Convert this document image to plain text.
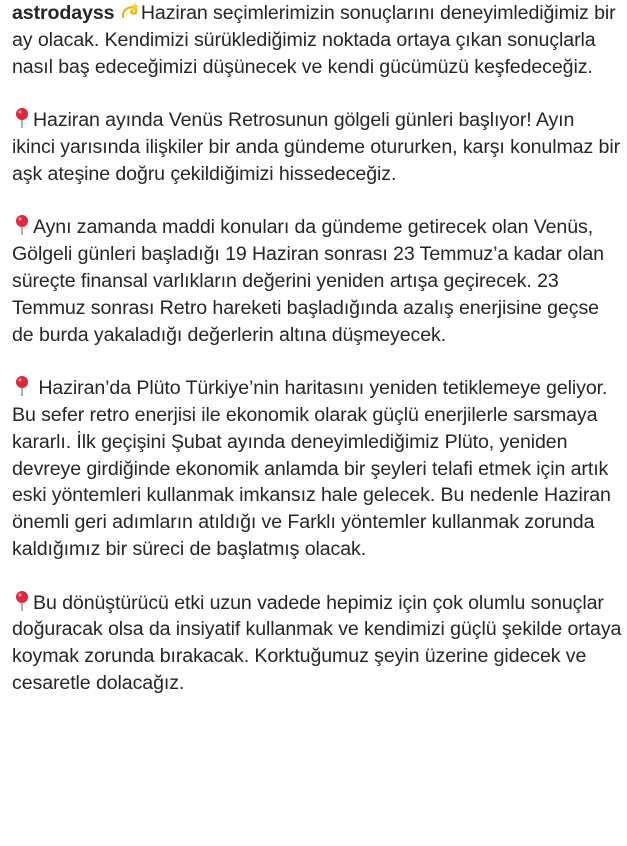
astrodayss Haziran seçimlerimizin sonuçlarını deneyimlediğimiz bir ay olacak. Kendimizi sürüklediğimiz noktada ortaya çıkan sonuçlarla nasıl baş edeceğimizi düşünecek ve kendi gücümüzü keşfedeceğiz.

Haziran ayında Venüs Retrosunun gölgeli günleri başlıyor! Ayın ikinci yarısında ilişkiler bir anda gündeme otururken, karşı konulmaz bir aşk ateşine doğru çekildiğimizi hissedeceğiz.

Aynı zamanda maddi konuları da gündeme getirecek olan Venüs, Gölgeli günleri başladığı 19 Haziran sonrası 23 Temmuz’a kadar olan süreçte finansal varlıkların değerini yeniden artışa geçirecek. 23 Temmuz sonrası Retro hareketi başladığında azalış enerjisine geçse de burda yakaladığı değerlerin altına düşmeyecek.

Haziran’da Plüto Türkiye’nin haritasını yeniden tetiklemeye geliyor. Bu sefer retro enerjisi ile ekonomik olarak güçlü enerjilerle sarsmaya kararlı. İlk geçişini Şubat ayında deneyimlediğimiz Plüto, yeniden devreye girdiğinde ekonomik anlamda bir şeyleri telafi etmek için artık eski yöntemleri kullanmak imkansız hale gelecek. Bu nedenle Haziran önemli geri adımların atıldığı ve Farklı yöntemler kullanmak zorunda kaldığımız bir süreci de başlatmış olacak.

Bu dönüştürücü etki uzun vadede hepimiz için çok olumlu sonuçlar doğuracak olsa da insiyatif kullanmak ve kendimizi güçlü şekilde ortaya koymak zorunda bırakacak. Korktuğumuz şeyin üzerine gidecek ve cesaretle dolacağız.
